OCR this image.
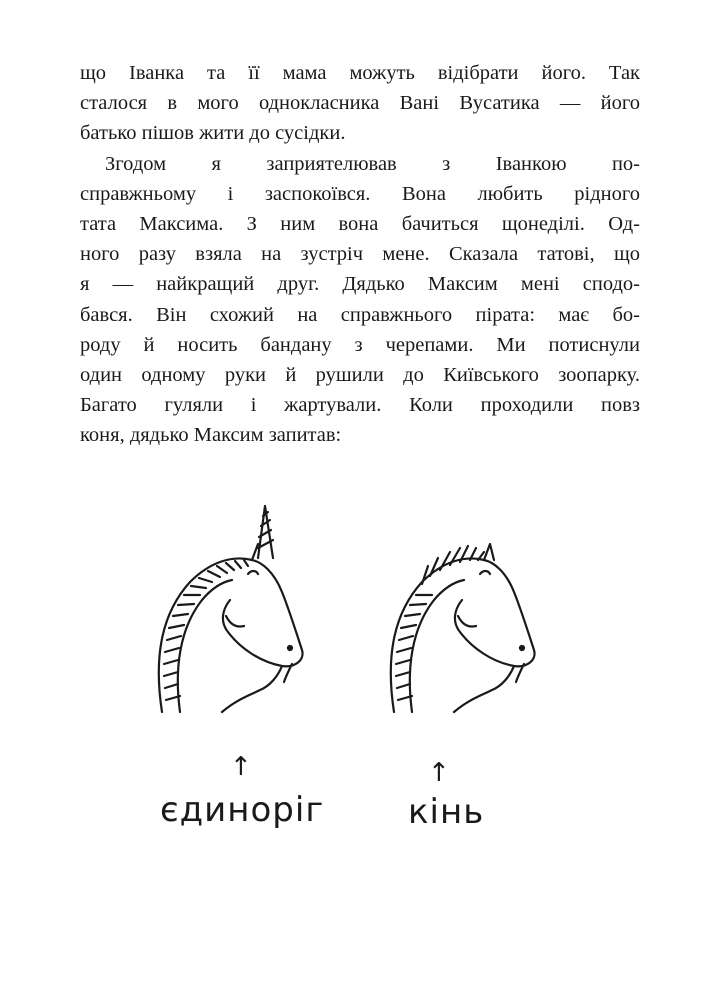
що Іванка та її мама можуть відібрати його. Так
сталося в мого однокласника Вані Вусатика — його
батько пішов жити до сусідки.
Згодом я заприятелював з Іванкою по-
справжньому і заспокоївся. Вона любить рідного
тата Максима. З ним вона бачиться щонеділі. Од-
ного разу взяла на зустріч мене. Сказала татові, що
я — найкращий друг. Дядько Максим мені сподо-
бався. Він схожий на справжнього пірата: має бо-
роду й носить бандану з черепами. Ми потиснули
один одному руки й рушили до Київського зоопарку.
Багато гуляли і жартували. Коли проходили повз
коня, дядько Максим запитав:
↑
єдиноріг
↑
кінь
